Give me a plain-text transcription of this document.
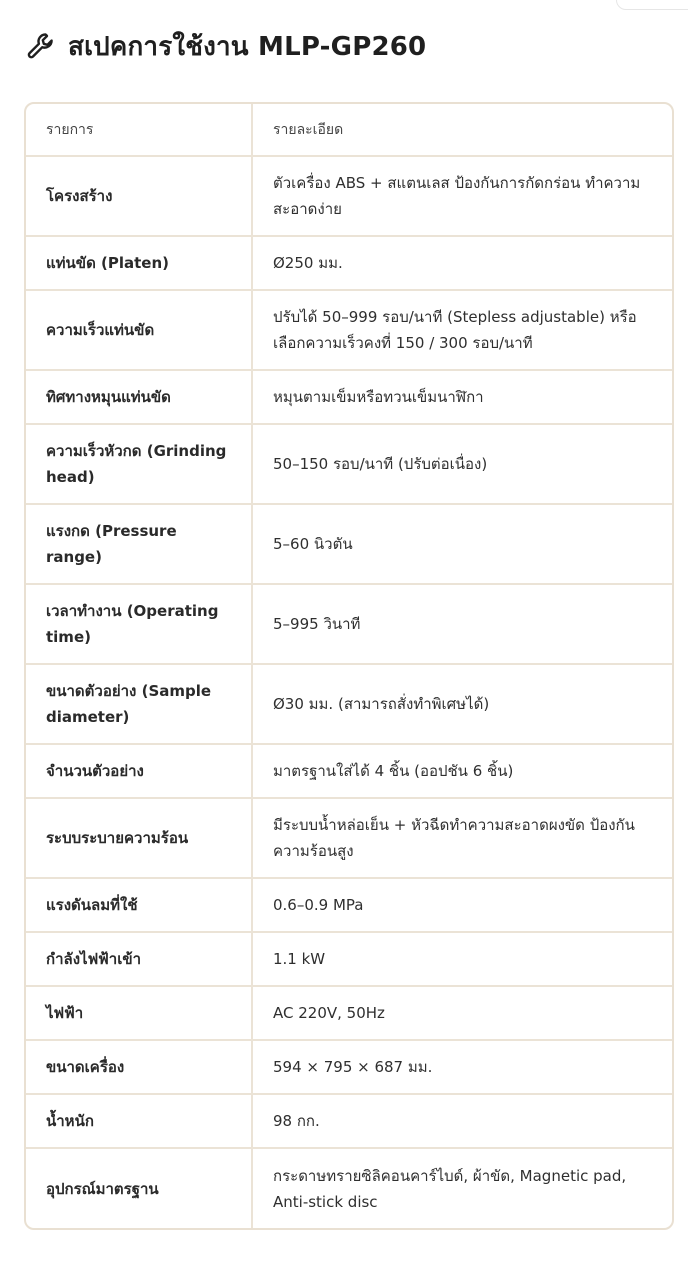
สเปคการใช้งาน MLP-GP260
รายการ	รายละเอียด
โครงสร้าง	ตัวเครื่อง ABS + สแตนเลส ป้องกันการกัดกร่อน ทำความสะอาดง่าย
แท่นขัด (Platen)	Ø250 มม.
ความเร็วแท่นขัด	ปรับได้ 50–999 รอบ/นาที (Stepless adjustable) หรือเลือกความเร็วคงที่ 150 / 300 รอบ/นาที
ทิศทางหมุนแท่นขัด	หมุนตามเข็มหรือทวนเข็มนาฬิกา
ความเร็วหัวกด (Grinding head)	50–150 รอบ/นาที (ปรับต่อเนื่อง)
แรงกด (Pressure range)	5–60 นิวตัน
เวลาทำงาน (Operating time)	5–995 วินาที
ขนาดตัวอย่าง (Sample diameter)	Ø30 มม. (สามารถสั่งทำพิเศษได้)
จำนวนตัวอย่าง	มาตรฐานใส่ได้ 4 ชิ้น (ออปชัน 6 ชิ้น)
ระบบระบายความร้อน	มีระบบน้ำหล่อเย็น + หัวฉีดทำความสะอาดผงขัด ป้องกันความร้อนสูง
แรงดันลมที่ใช้	0.6–0.9 MPa
กำลังไฟฟ้าเข้า	1.1 kW
ไฟฟ้า	AC 220V, 50Hz
ขนาดเครื่อง	594 × 795 × 687 มม.
น้ำหนัก	98 กก.
อุปกรณ์มาตรฐาน	กระดาษทรายซิลิคอนคาร์ไบด์, ผ้าขัด, Magnetic pad, Anti-stick disc
